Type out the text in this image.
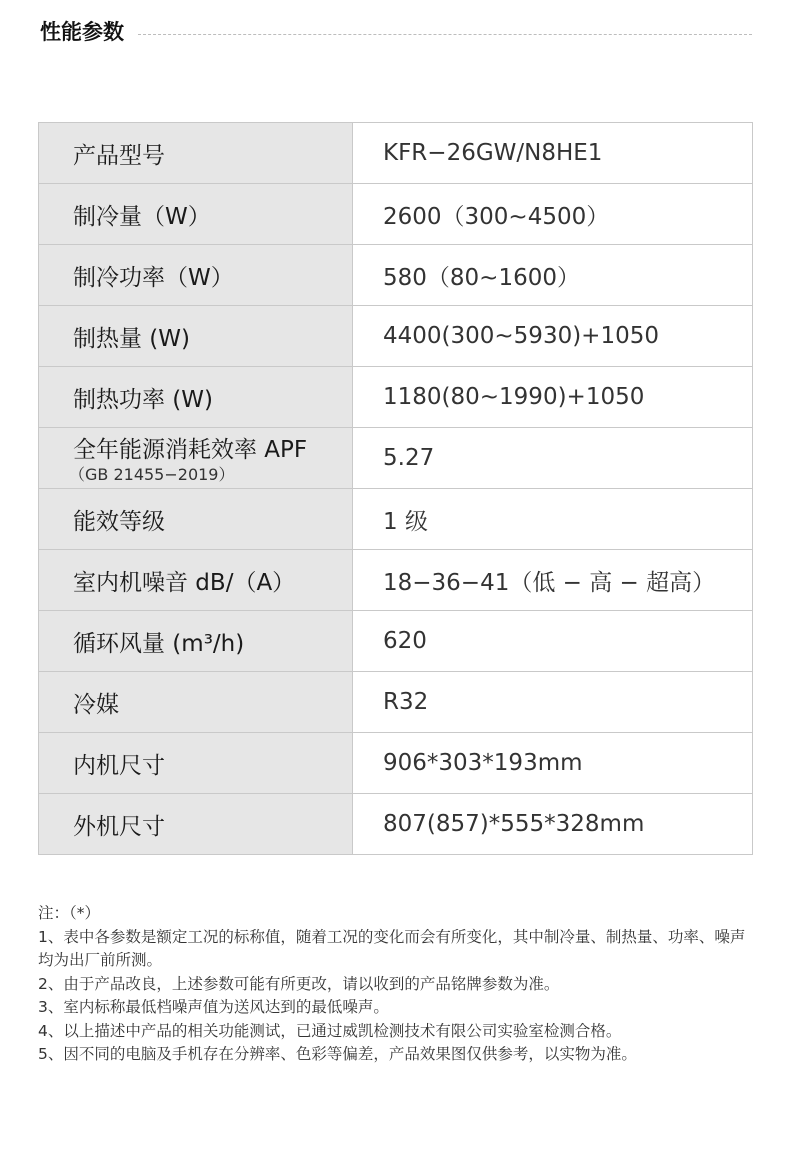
性能参数
产品型号	KFR−26GW/N8HE1
制冷量（W）	2600（300~4500）
制冷功率（W）	580（80~1600）
制热量 (W)	4400(300~5930)+1050
制热功率 (W)	1180(80~1990)+1050

全年能源消耗效率 APF
（GB 21455−2019）	5.27
能效等级	1 级
室内机噪音 dB/（A）	18−36−41（低 − 高 − 超高）
循环风量 (m³/h)	620
冷媒	R32
内机尺寸	906*303*193mm
外机尺寸	807(857)*555*328mm
注：（*）
1、表中各参数是额定工况的标称值，随着工况的变化而会有所变化，其中制冷量、制热量、功率、噪声均为出厂前所测。
2、由于产品改良，上述参数可能有所更改，请以收到的产品铭牌参数为准。
3、室内标称最低档噪声值为送风达到的最低噪声。
4、以上描述中产品的相关功能测试，已通过威凯检测技术有限公司实验室检测合格。
5、因不同的电脑及手机存在分辨率、色彩等偏差，产品效果图仅供参考，以实物为准。
